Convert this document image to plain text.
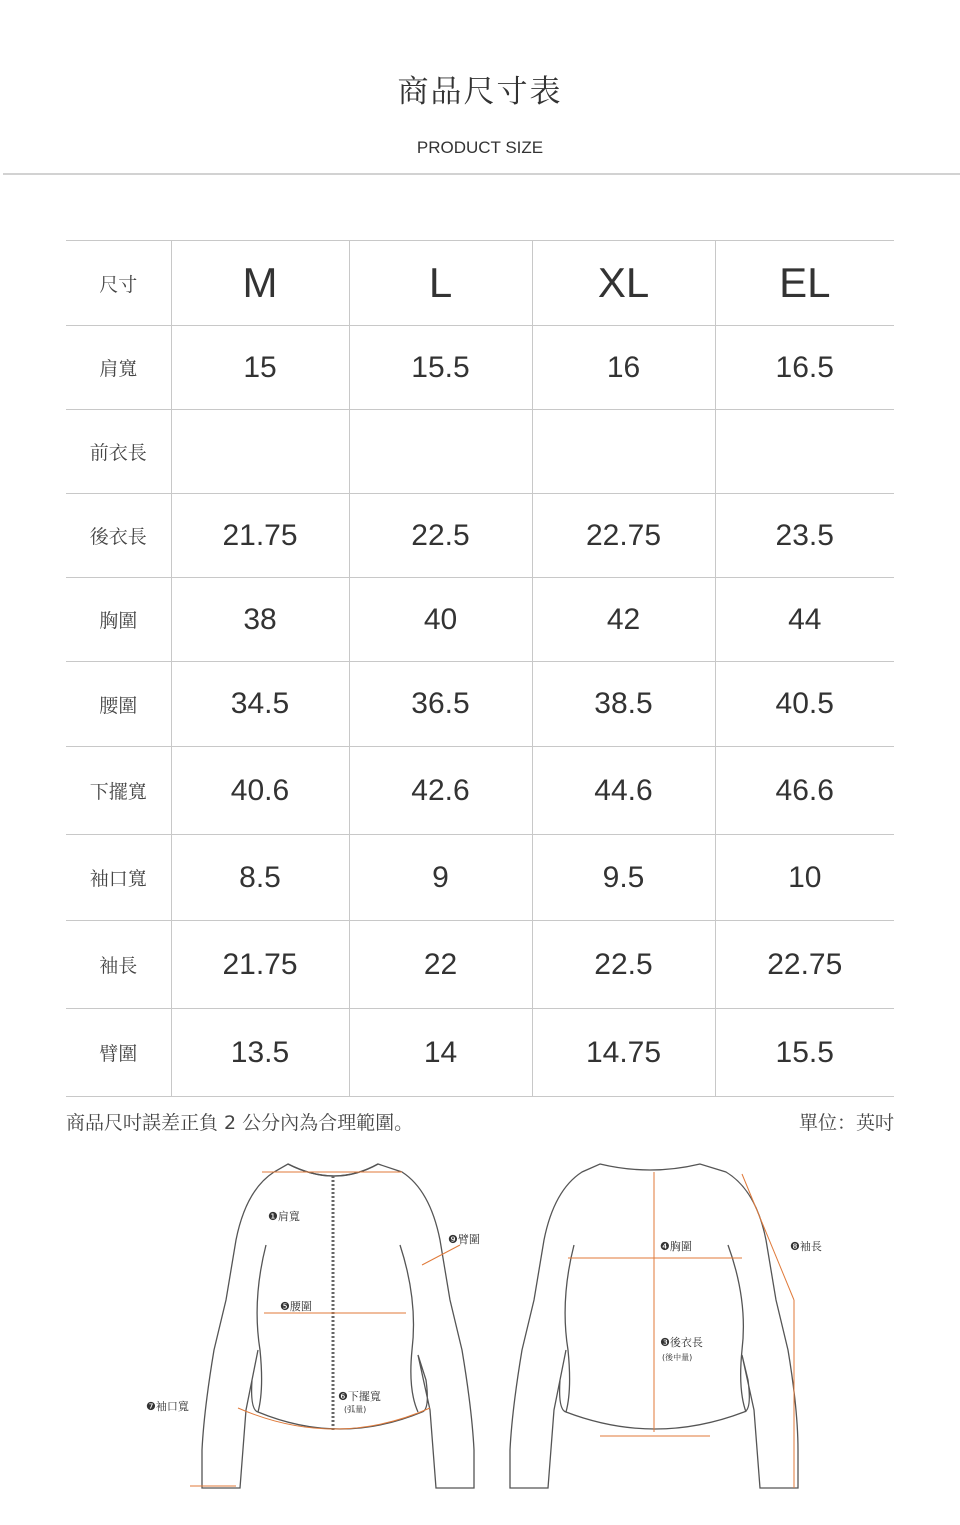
商品尺寸表
PRODUCT SIZE
尺寸	M	L	XL	EL
肩寬	15	15.5	16	16.5
前衣長				
後衣長	21.75	22.5	22.75	23.5
胸圍	38	40	42	44
腰圍	34.5	36.5	38.5	40.5
下擺寬	40.6	42.6	44.6	46.6
袖口寬	8.5	9	9.5	10
袖長	21.75	22	22.5	22.75
臂圍	13.5	14	14.75	15.5
商品尺吋誤差正負 2 公分內為合理範圍。	單位：英吋
❶肩寬
❺腰圍
❻下擺寬
(弧量)
❼袖口寬
❾臂圍
❹胸圍
❸後衣長
(後中量)
❽袖長
